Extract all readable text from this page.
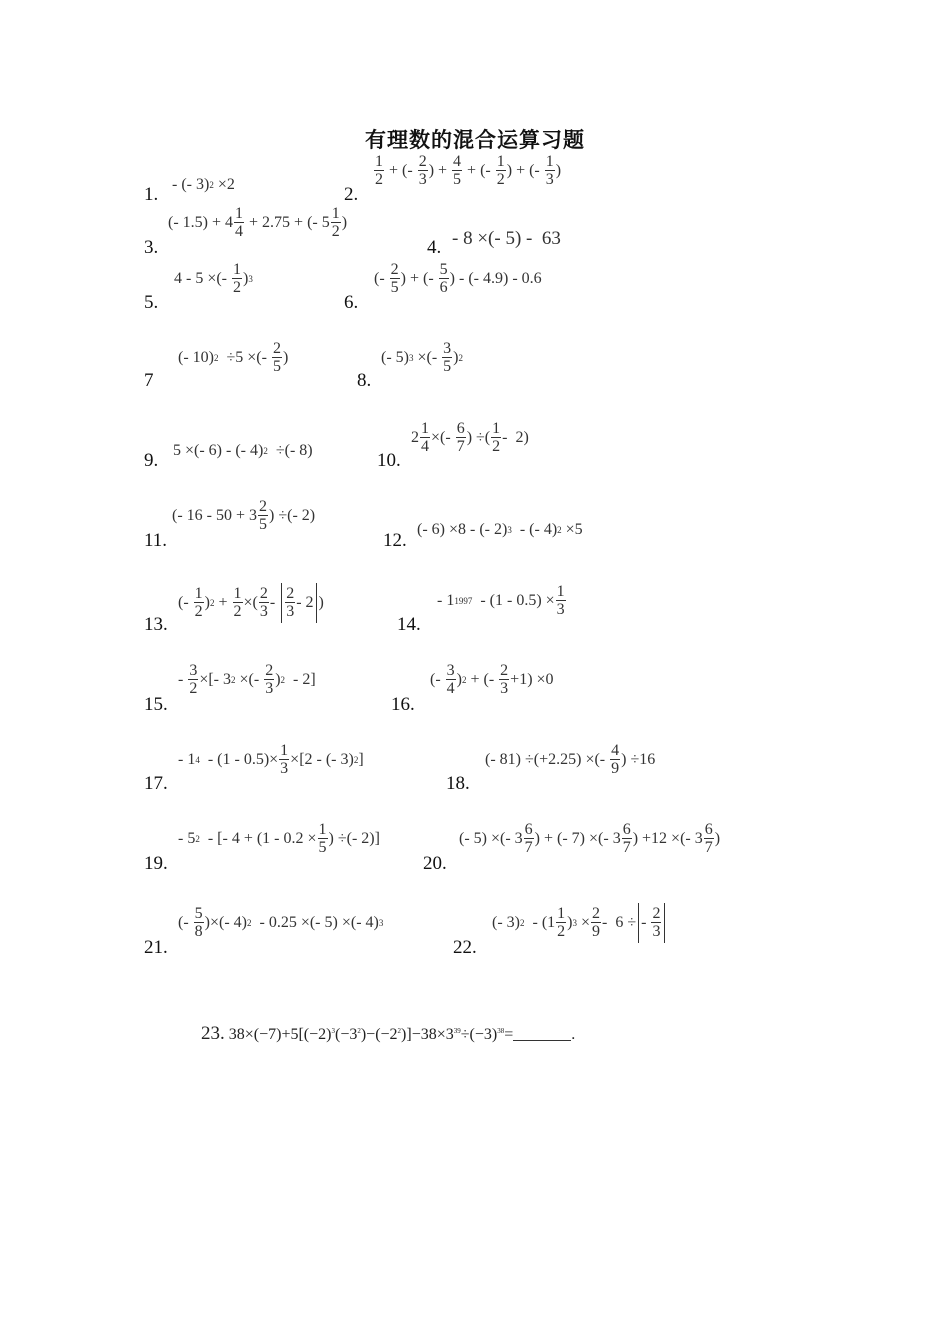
有理数的混合运算习题
1. - (- 3) 2 ×2	2.
$\frac{1}{2}$ + (- $\frac{2}{3}$ ) + $\frac{4}{5}$ + (- $\frac{1}{2}$ ) + (- $\frac{1}{3}$ )
3.
(- $1.5) + 4 \frac{1}{4} + 2.75$ + (- $5 \frac{1}{2}$ )
4. - 8 ×(- 5) -  63
5.
4 - 5 ×(- $\frac{1}{2}$ ) 3
6.
(- $\frac{2}{5}$ ) + (- $\frac{5}{6}$ ) - (- 4.9) - 0.6
7
(- 10) 2 ÷5 ×(- $\frac{2}{5}$ )
8.
(- 5) 3 ×(- $\frac{3}{5}$ ) 2
9. 5 ×(- 6) - (- 4) 2 ÷(- 8)	10.
$2 \frac{1}{4}$ ×(- $\frac{6}{7}$ ) ÷( $\frac{1}{2} - 2$)
11.
(- $16 - 50 + 3 \frac{2}{5}$ ) ÷(- 2)
12.
(- 6) ×8 - (- 2) 3 - (- 4) 2 ×5
13.
(- $\frac{1}{2}$ ) $2 + \frac{1}{2}$ ×( $\frac{2}{3} - \frac{2}{3} - 2$ )
14.
- 1 $1997 - (1 - 0.5) \times \frac{1}{3}$
15.
- $\frac{3}{2}$ ×[- 3 2 ×(- $\frac{2}{3}$ ) 2 - 2]
16.
(- $\frac{3}{4}$ ) 2 + (- $\frac{2}{3} +1) \times 0$
17.
- 1 $4 - (1 - 0.5)\times \frac{1}{3} \times[2$ - (- 3) 2 ]
18.
(- 81) ÷(+2.25) ×(- $\frac{4}{9}$ ) ÷16
19.
- 5 2 - [- $4 + (1 - 0.2 \times \frac{1}{5}$ ) ÷(- 2)]
20.
(- 5) ×(- $3 \frac{6}{7}$ ) + (- 7) ×(- $3 \frac{6}{7}$ ) +12 ×(- $3 \frac{6}{7}$ )
21.
(- $\frac{5}{8}$ )×(- 4) 2 - 0.25 ×(- 5) ×(- 4) 3
22.
(- 3) $2 - (1 \frac{1}{2}$ ) $3 \times \frac{2}{9} - 6$ ÷ - $\frac{2}{3}$
23. $38\times(-7)+5[(-2)^3(-3^2)-(-2^2)]-38\times 3^{39}\div(-3)^{38}=$	.
